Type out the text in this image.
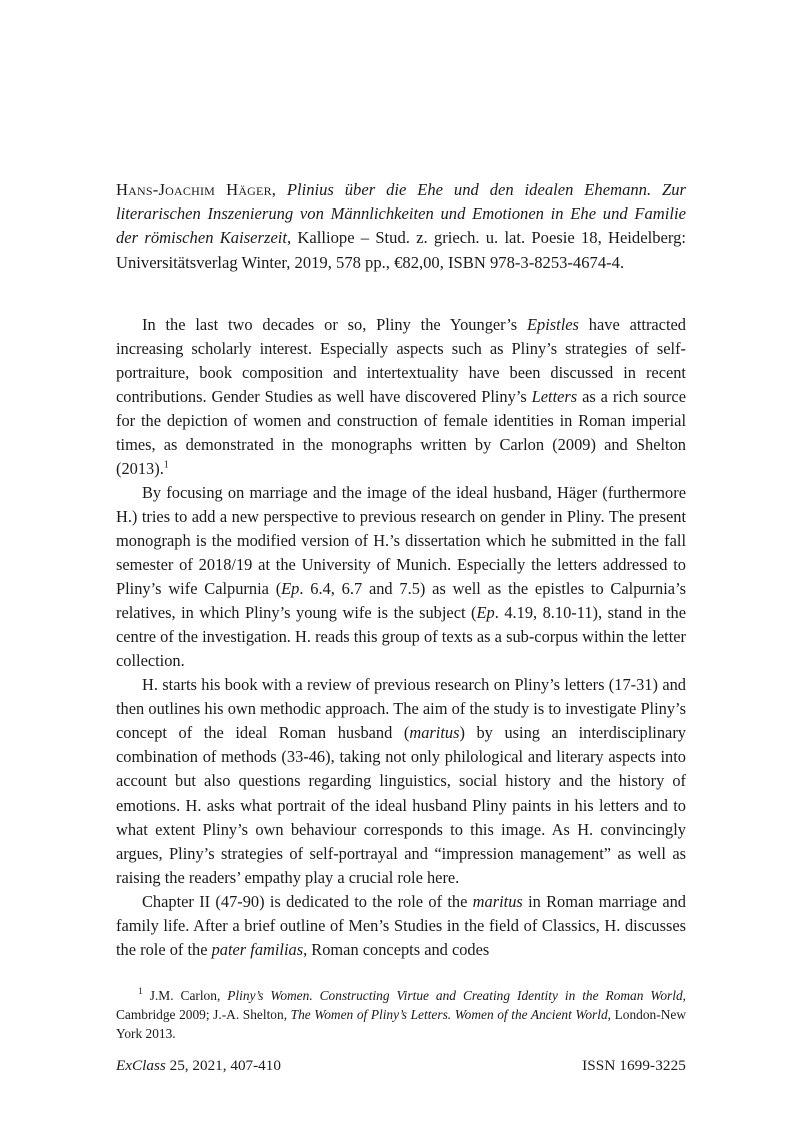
Hans-Joachim Häger, Plinius über die Ehe und den idealen Ehemann. Zur literarischen Inszenierung von Männlichkeiten und Emotionen in Ehe und Familie der römischen Kaiserzeit, Kalliope – Stud. z. griech. u. lat. Poesie 18, Heidelberg: Universitätsverlag Winter, 2019, 578 pp., €82,00, ISBN 978-3-8253-4674-4.

In the last two decades or so, Pliny the Younger’s Epistles have attracted increasing scholarly interest. Especially aspects such as Pliny’s strategies of self-portraiture, book composition and intertextuality have been discussed in recent contributions. Gender Studies as well have discovered Pliny’s Letters as a rich source for the depiction of women and construction of female identities in Roman imperial times, as demonstrated in the monographs written by Carlon (2009) and Shelton (2013).$^1$

By focusing on marriage and the image of the ideal husband, Häger (furthermore H.) tries to add a new perspective to previous research on gender in Pliny. The present monograph is the modified version of H.’s dissertation which he submitted in the fall semester of 2018/19 at the University of Munich. Especially the letters addressed to Pliny’s wife Calpurnia (Ep. 6.4, 6.7 and 7.5) as well as the epistles to Calpurnia’s relatives, in which Pliny’s young wife is the subject (Ep. 4.19, 8.10-11), stand in the centre of the investigation. H. reads this group of texts as a sub-corpus within the letter collection.

H. starts his book with a review of previous research on Pliny’s letters (17-31) and then outlines his own methodic approach. The aim of the study is to investigate Pliny’s concept of the ideal Roman husband (maritus) by using an interdisciplinary combination of methods (33-46), taking not only philological and literary aspects into account but also questions regarding linguistics, social history and the history of emotions. H. asks what portrait of the ideal husband Pliny paints in his letters and to what extent Pliny’s own behaviour corresponds to this image. As H. convincingly argues, Pliny’s strategies of self-portrayal and “impression management” as well as raising the readers’ empathy play a crucial role here.

Chapter II (47-90) is dedicated to the role of the maritus in Roman marriage and family life. After a brief outline of Men’s Studies in the field of Classics, H. discusses the role of the pater familias, Roman concepts and codes

$^1$ J.M. Carlon, Pliny’s Women. Constructing Virtue and Creating Identity in the Roman World, Cambridge 2009; J.-A. Shelton, The Women of Pliny’s Letters. Women of the Ancient World, London-New York 2013.
ExClass 25, 2021, 407-410	ISSN 1699-3225
